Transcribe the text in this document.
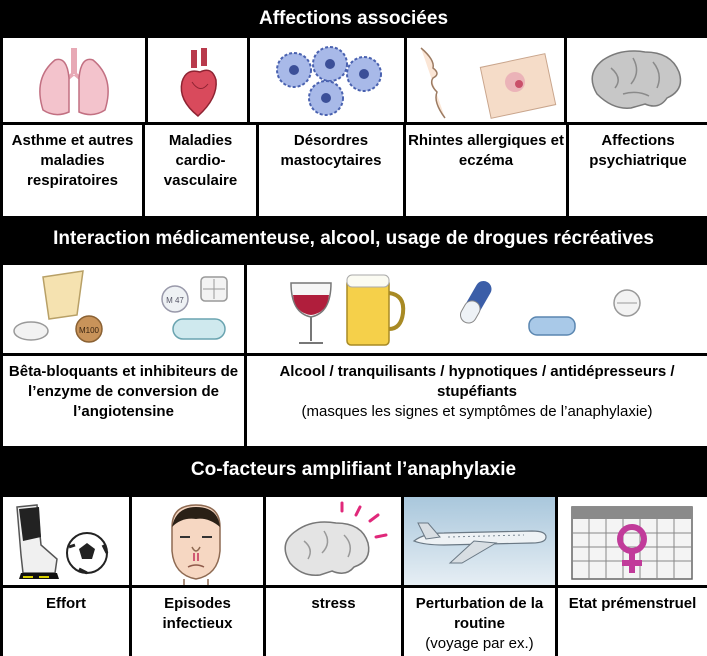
Affections associées
Asthme et autres maladies respiratoires
Maladies cardio-vasculaire
Désordres mastocytaires
Rhintes allergiques et eczéma
Affections psychiatrique
Interaction médicamenteuse, alcool, usage de drogues récréatives
M100
M 47
Bêta-bloquants et inhibiteurs de l’enzyme de conversion de l’angiotensine
Alcool / tranquilisants / hypnotiques / antidépresseurs / stupéfiants
(masques les signes et symptômes de l’anaphylaxie)
Co-facteurs amplifiant l’anaphylaxie
Effort	Episodes infectieux
stress	Perturbation de la routine
(voyage par ex.)
Etat prémenstruel
